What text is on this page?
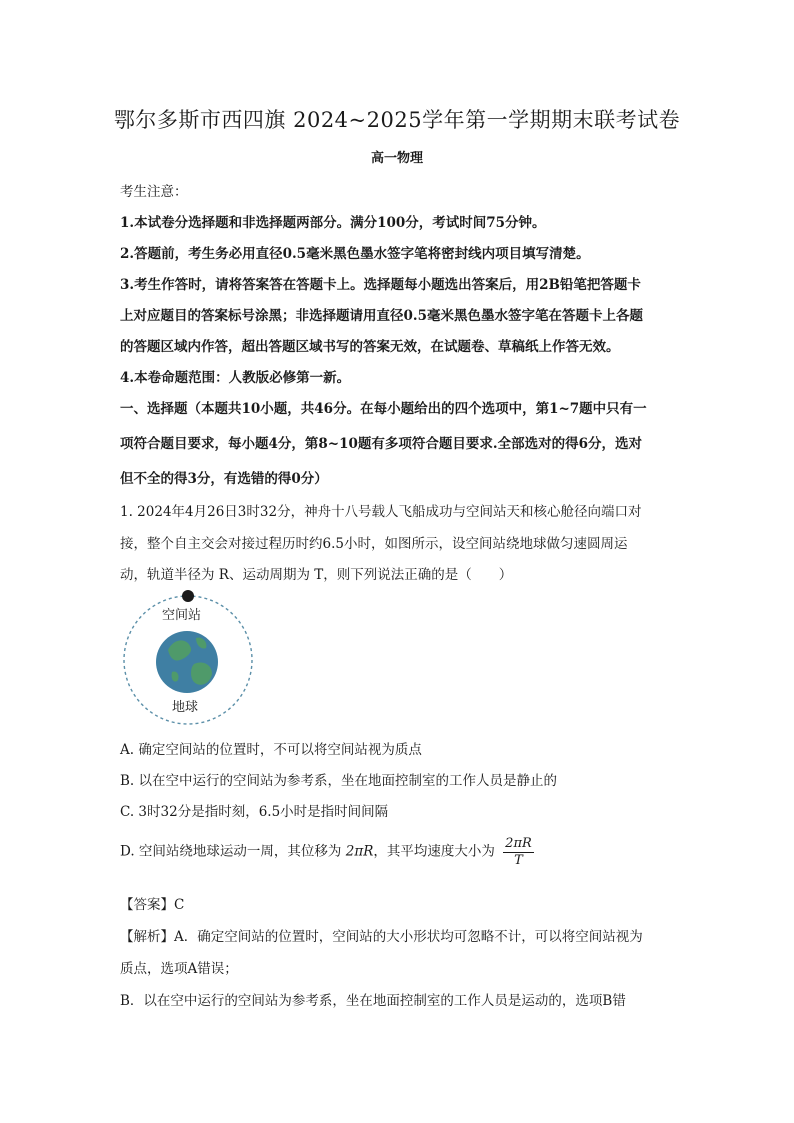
鄂尔多斯市西四旗 2024~2025学年第一学期期末联考试卷
高一物理
考生注意：
1.本试卷分选择题和非选择题两部分。满分100分，考试时间75分钟。
2.答题前，考生务必用直径0.5毫米黑色墨水签字笔将密封线内项目填写清楚。
3.考生作答时，请将答案答在答题卡上。选择题每小题选出答案后，用2B铅笔把答题卡
上对应题目的答案标号涂黑；非选择题请用直径0.5毫米黑色墨水签字笔在答题卡上各题
的答题区域内作答，超出答题区域书写的答案无效，在试题卷、草稿纸上作答无效。
4.本卷命题范围：人教版必修第一新。
一、选择题（本题共10小题，共46分。在每小题给出的四个选项中，第1~7题中只有一
项符合题目要求，每小题4分，第8~10题有多项符合题目要求.全部选对的得6分，选对
但不全的得3分，有选错的得0分）
1. 2024年4月26日3时32分，神舟十八号载人飞船成功与空间站天和核心舱径向端口对
接，整个自主交会对接过程历时约6.5小时，如图所示，设空间站绕地球做匀速圆周运
动，轨道半径为 R、运动周期为 T，则下列说法正确的是（　　）
空间站
地球
A. 确定空间站的位置时，不可以将空间站视为质点
B. 以在空中运行的空间站为参考系，坐在地面控制室的工作人员是静止的
C. 3时32分是指时刻，6.5小时是指时间间隔
D. 空间站绕地球运动一周，其位移为 2πR，其平均速度大小为 $\frac{2\pi R}{T}$
【答案】C
【解析】A．确定空间站的位置时，空间站的大小形状均可忽略不计，可以将空间站视为
质点，选项A错误；
B．以在空中运行的空间站为参考系，坐在地面控制室的工作人员是运动的，选项B错
